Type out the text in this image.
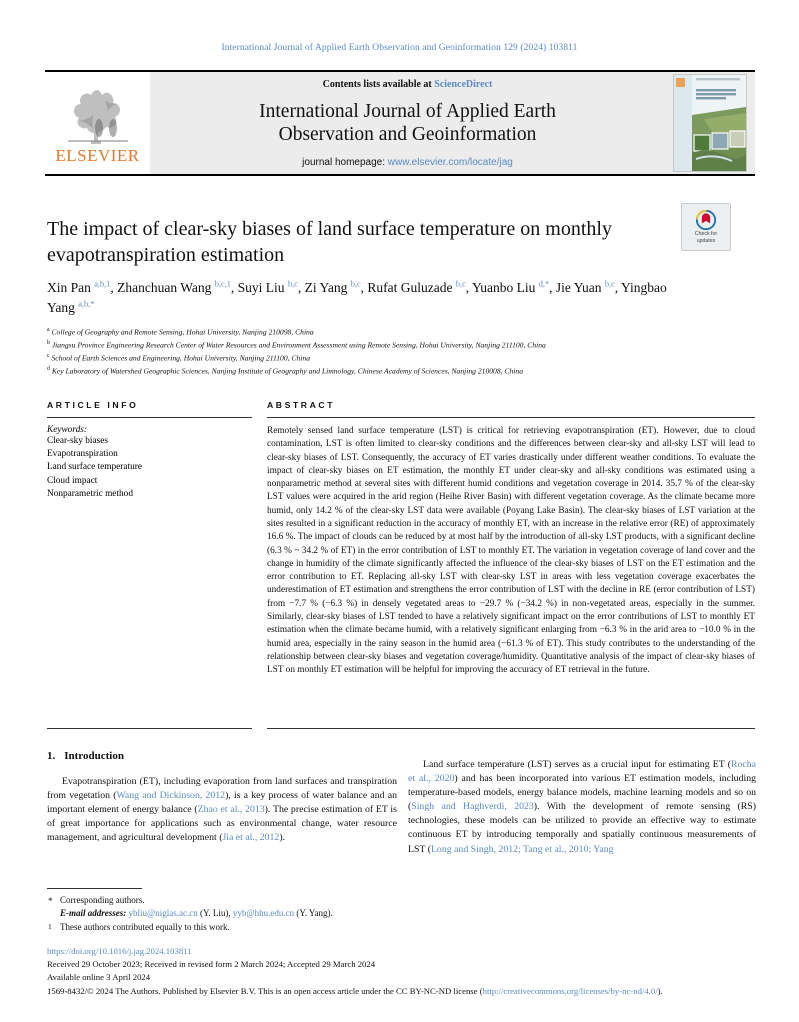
International Journal of Applied Earth Observation and Geoinformation 129 (2024) 103811
ELSEVIER
Contents lists available at ScienceDirect
International Journal of Applied Earth
Observation and Geoinformation
journal homepage: www.elsevier.com/locate/jag
Check for
updates
The impact of clear-sky biases of land surface temperature on monthly evapotranspiration estimation
Xin Pan $^{a,b,1}$, Zhanchuan Wang $^{b,c,1}$, Suyi Liu $^{b,c}$, Zi Yang $^{b,c}$, Rufat Guluzade $^{b,c}$, Yuanbo Liu $^{d,*}$, Jie Yuan $^{b,c}$, Yingbao Yang $^{a,b,*}$
$^a$ College of Geography and Remote Sensing, Hohai University, Nanjing 210098, China
$^b$ Jiangsu Province Engineering Research Center of Water Resources and Environment Assessment using Remote Sensing, Hohai University, Nanjing 211100, China
$^c$ School of Earth Sciences and Engineering, Hohai University, Nanjing 211100, China
$^d$ Key Laboratory of Watershed Geographic Sciences, Nanjing Institute of Geography and Limnology, Chinese Academy of Sciences, Nanjing 210008, China
ARTICLE INFO
Keywords:
Clear-sky biases
Evapotranspiration
Land surface temperature
Cloud impact
Nonparametric method
ABSTRACT
Remotely sensed land surface temperature (LST) is critical for retrieving evapotranspiration (ET). However, due to cloud contamination, LST is often limited to clear-sky conditions and the differences between clear-sky and all-sky LST will lead to clear-sky biases of LST. Consequently, the accuracy of ET varies drastically under different weather conditions. To evaluate the impact of clear-sky biases on ET estimation, the monthly ET under clear-sky and all-sky conditions was estimated using a nonparametric method at several sites with different humid conditions and vegetation coverage in 2014. 35.7 % of the clear-sky LST values were acquired in the arid region (Heihe River Basin) with different vegetation coverage. As the climate became more humid, only 14.2 % of the clear-sky LST data were available (Poyang Lake Basin). The clear-sky biases of LST variation at the sites resulted in a significant reduction in the accuracy of monthly ET, with an increase in the relative error (RE) of approximately 16.6 %. The impact of clouds can be reduced by at most half by the introduction of all-sky LST products, with a significant decline (6.3 % ~ 34.2 % of ET) in the error contribution of LST to monthly ET. The variation in vegetation coverage of land cover and the change in humidity of the climate significantly affected the influence of the clear-sky biases of LST on the ET estimation and the error contribution to ET. Replacing all-sky LST with clear-sky LST in areas with less vegetation coverage exacerbates the underestimation of ET estimation and strengthens the error contribution of LST with the decline in RE (error contribution of LST) from −7.7 % (−6.3 %) in densely vegetated areas to −29.7 % (−34.2 %) in non-vegetated areas, especially in the summer. Similarly, clear-sky biases of LST tended to have a relatively significant impact on the error contributions of LST to monthly ET estimation when the climate became humid, with a relatively significant enlarging from −6.3 % in the arid area to −10.0 % in the humid area, especially in the rainy season in the humid area (−61.3 % of ET). This study contributes to the understanding of the relationship between clear-sky biases and vegetation coverage/humidity. Quantitative analysis of the impact of clear-sky biases of LST on monthly ET estimation will be helpful for improving the accuracy of ET retrieval in the future.
1. Introduction
Evapotranspiration (ET), including evaporation from land surfaces and transpiration from vegetation (Wang and Dickinson, 2012), is a key process of water balance and an important element of energy balance (Zhao et al., 2013). The precise estimation of ET is of great importance for applications such as environmental change, water resource management, and agricultural development (Jia et al., 2012).
Land surface temperature (LST) serves as a crucial input for estimating ET (Rocha et al., 2020) and has been incorporated into various ET estimation models, including temperature-based models, energy balance models, machine learning models and so on (Singh and Haghverdi, 2023). With the development of remote sensing (RS) technologies, these models can be utilized to provide an effective way to estimate continuous ET by introducing temporally and spatially continuous measurements of LST (Long and Singh, 2012; Tang et al., 2010; Yang
* Corresponding authors.
E-mail addresses: ybliu@niglas.ac.cn (Y. Liu), yyb@hhu.edu.cn (Y. Yang).
1 These authors contributed equally to this work.
https://doi.org/10.1016/j.jag.2024.103811
Received 29 October 2023; Received in revised form 2 March 2024; Accepted 29 March 2024
Available online 3 April 2024
1569-8432/© 2024 The Authors. Published by Elsevier B.V. This is an open access article under the CC BY-NC-ND license (http://creativecommons.org/licenses/by-nc-nd/4.0/).
